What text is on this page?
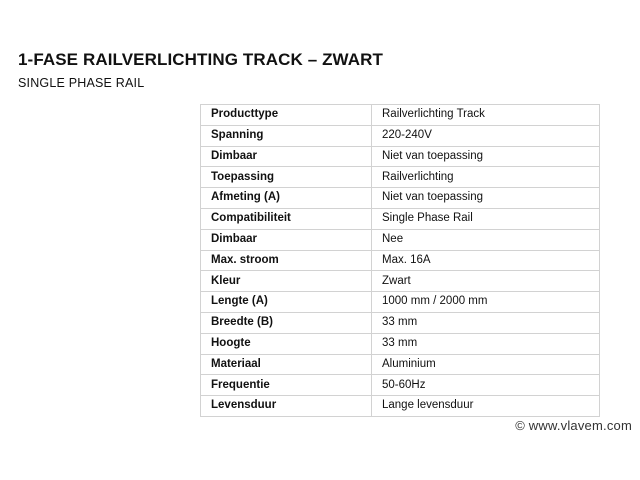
1-FASE RAILVERLICHTING TRACK – ZWART
SINGLE PHASE RAIL
Producttype	Railverlichting Track
Spanning	220-240V
Dimbaar	Niet van toepassing
Toepassing	Railverlichting
Afmeting (A)	Niet van toepassing
Compatibiliteit	Single Phase Rail
Dimbaar	Nee
Max. stroom	Max. 16A
Kleur	Zwart
Lengte (A)	1000 mm / 2000 mm
Breedte (B)	33 mm
Hoogte	33 mm
Materiaal	Aluminium
Frequentie	50-60Hz
Levensduur	Lange levensduur
© www.vlavem.com
